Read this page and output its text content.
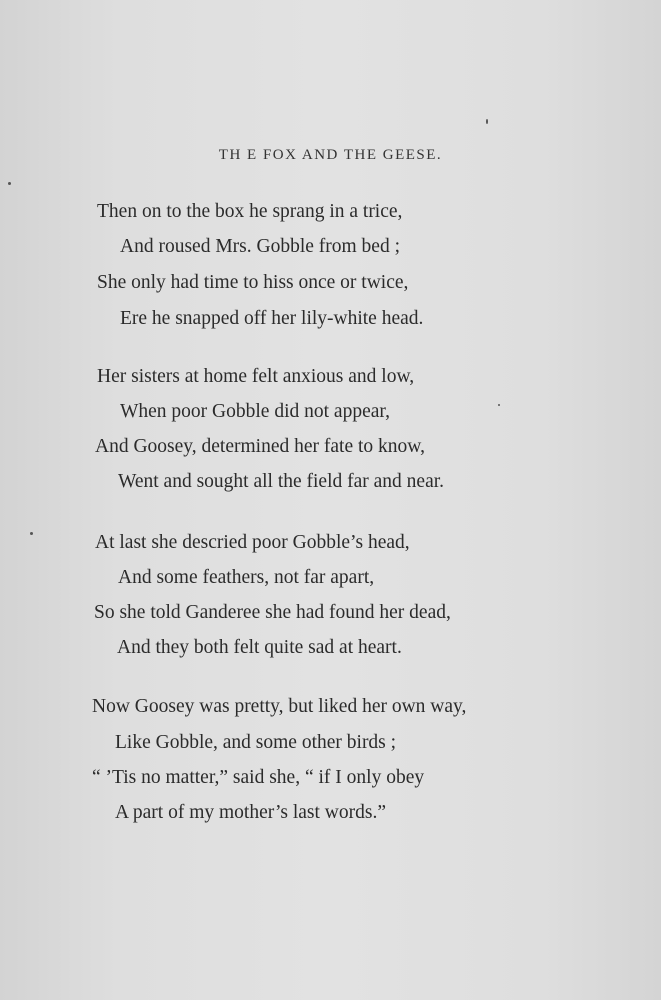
TH E FOX AND THE GEESE.
Then on to the box he sprang in a trice,
And roused Mrs. Gobble from bed ;
She only had time to hiss once or twice,
Ere he snapped off her lily-white head.
Her sisters at home felt anxious and low,
When poor Gobble did not appear,
And Goosey, determined her fate to know,
Went and sought all the field far and near.
At last she descried poor Gobble’s head,
And some feathers, not far apart,
So she told Ganderee she had found her dead,
And they both felt quite sad at heart.
Now Goosey was pretty, but liked her own way,
Like Gobble, and some other birds ;
“ ’Tis no matter,” said she, “ if I only obey
A part of my mother’s last words.”
